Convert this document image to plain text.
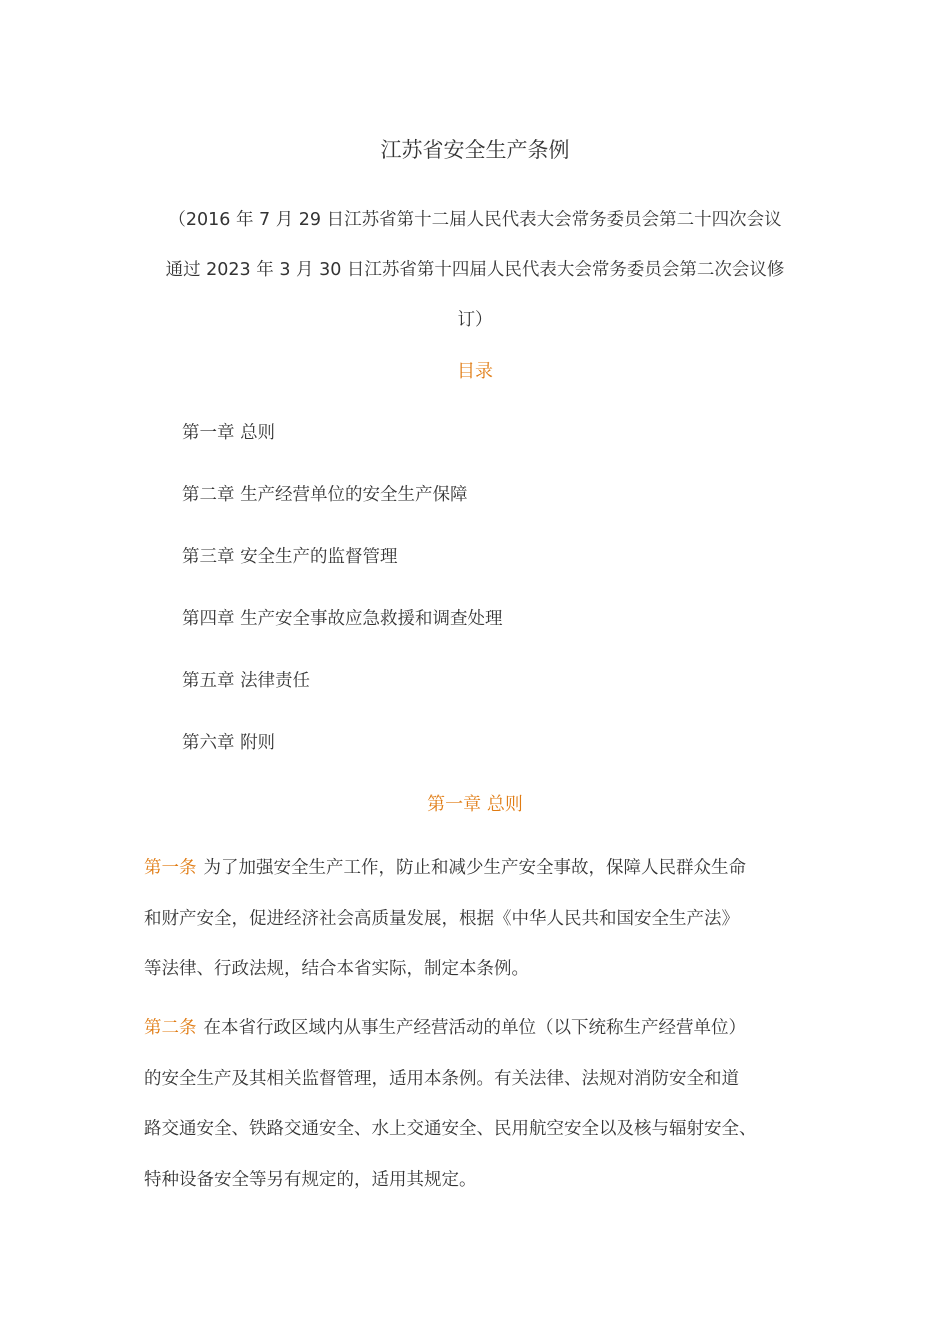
江苏省安全生产条例
（2016 年 7 月 29 日江苏省第十二届人民代表大会常务委员会第二十四次会议
通过 2023 年 3 月 30 日江苏省第十四届人民代表大会常务委员会第二次会议修
订）
目录
第一章 总则
第二章 生产经营单位的安全生产保障
第三章 安全生产的监督管理
第四章 生产安全事故应急救援和调查处理
第五章 法律责任
第六章 附则
第一章 总则
第一条 为了加强安全生产工作，防止和减少生产安全事故，保障人民群众生命
和财产安全，促进经济社会高质量发展，根据《中华人民共和国安全生产法》
等法律、行政法规，结合本省实际，制定本条例。
第二条 在本省行政区域内从事生产经营活动的单位（以下统称生产经营单位）
的安全生产及其相关监督管理，适用本条例。有关法律、法规对消防安全和道
路交通安全、铁路交通安全、水上交通安全、民用航空安全以及核与辐射安全、
特种设备安全等另有规定的，适用其规定。
